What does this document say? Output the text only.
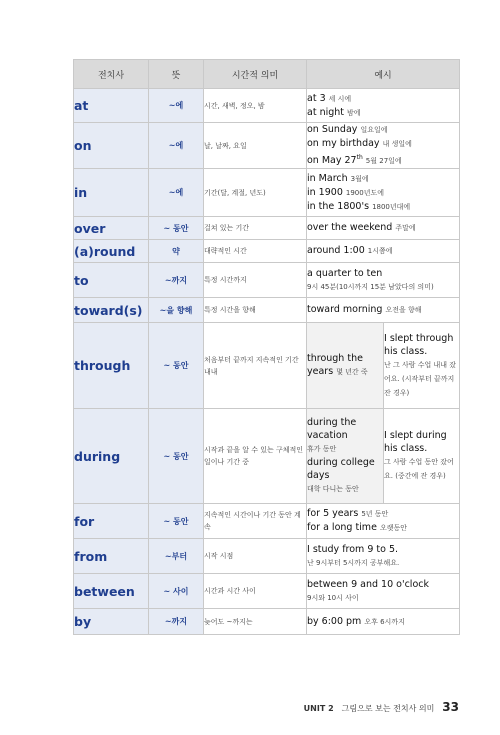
전치사	뜻	시간적 의미	예시	
at	~에	시간, 새벽, 정오, 밤	at 3 세 시에
at night 밤에	
on	~에	날, 날짜, 요일	on Sunday 일요일에
on my birthday 내 생일에
on May 27th 5월 27일에	
in	~에	기간(달, 계절, 년도)	in March 3월에
in 1900 1900년도에
in the 1800's 1800년대에	
over	~ 동안	걸쳐 있는 기간	over the weekend 주말에	
(a)round	약	대략적인 시간	around 1:00 1시쯤에	
to	~까지	특정 시간까지	a quarter to ten
9시 45분(10시까지 15분 남았다의 의미)	
toward(s)	~을 향해	특정 시간을 향해	toward morning 오전을 향해	
through	~ 동안	처음부터 끝까지 지속적인 기간 내내	through the years 몇 년간 죽	I slept through his class.
난 그 사람 수업 내내 잤어요. (시작부터 끝까지 잔 경우)
during	~ 동안	시작과 끝을 알 수 있는 구체적인 일이나 기간 중	during the vacation
휴가 동안
during college days
대학 다니는 동안	I slept during his class.
그 사람 수업 동안 잤어요. (중간에 잔 경우)
for	~ 동안	지속적인 시간이나 기간 동안 계속	for 5 years 5년 동안
for a long time 오랫동안	
from	~부터	시작 시점	I study from 9 to 5.
난 9시부터 5시까지 공부해요.	
between	~ 사이	시간과 시간 사이	between 9 and 10 o'clock
9시와 10시 사이	
by	~까지	늦어도 ~까지는	by 6:00 pm 오후 6시까지	
UNIT 2 그림으로 보는 전치사 의미 33
